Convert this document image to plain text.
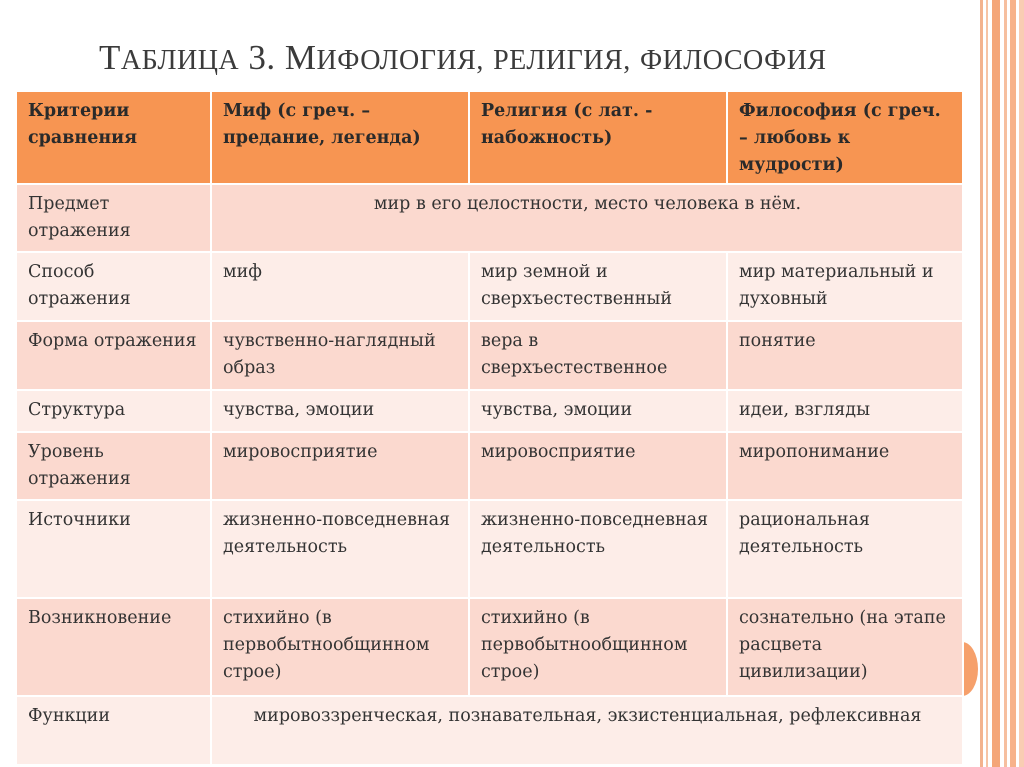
ТАБЛИЦА 3. МИФОЛОГИЯ, РЕЛИГИЯ, ФИЛОСОФИЯ
Критерии сравнения	Миф (с греч. – предание, легенда)	Религия (с лат. - набожность)	Философия (с греч. – любовь к мудрости)
Предмет отражения	мир в его целостности, место человека в нём.		
Способ отражения	миф	мир земной и сверхъестественный	мир материальный и духовный
Форма отражения	чувственно-наглядный образ	вера в сверхъестественное	понятие
Структура	чувства, эмоции	чувства, эмоции	идеи, взгляды
Уровень отражения	мировосприятие	мировосприятие	миропонимание
Источники	жизненно-повседневная деятельность	жизненно-повседневная деятельность	рациональная деятельность
Возникновение	стихийно (в первобытнообщинном строе)	стихийно (в первобытнообщинном строе)	сознательно (на этапе расцвета цивилизации)
Функции	мировоззренческая, познавательная, экзистенциальная, рефлексивная		
